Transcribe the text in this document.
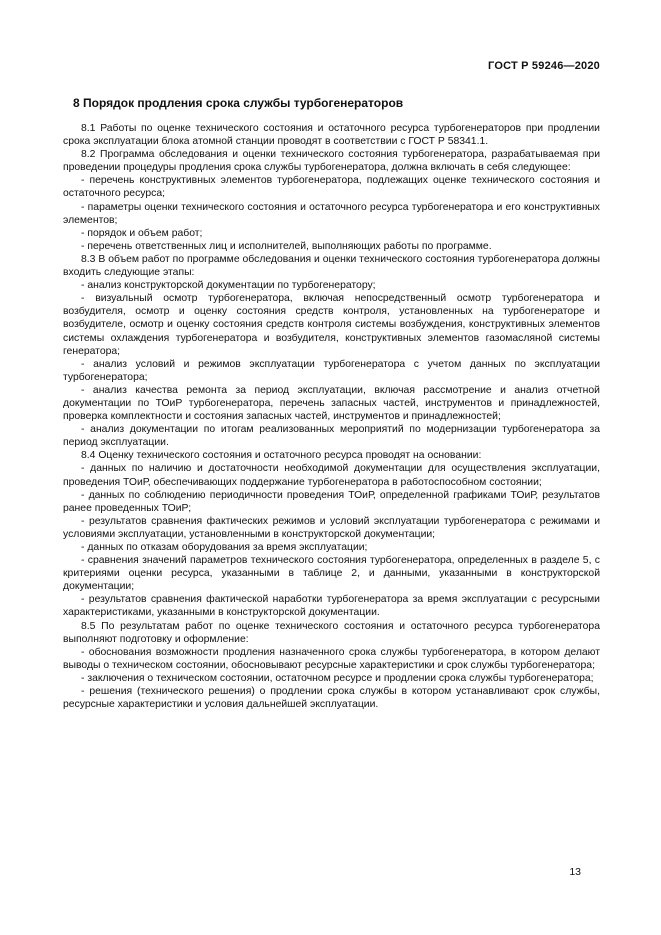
ГОСТ Р 59246—2020
8 Порядок продления срока службы турбогенераторов

8.1 Работы по оценке технического состояния и остаточного ресурса турбогенераторов при продлении срока эксплуатации блока атомной станции проводят в соответствии с ГОСТ Р 58341.1.

8.2 Программа обследования и оценки технического состояния турбогенератора, разрабатываемая при проведении процедуры продления срока службы турбогенератора, должна включать в себя следующее:

- перечень конструктивных элементов турбогенератора, подлежащих оценке технического состояния и остаточного ресурса;

- параметры оценки технического состояния и остаточного ресурса турбогенератора и его конструктивных элементов;

- порядок и объем работ;

- перечень ответственных лиц и исполнителей, выполняющих работы по программе.

8.3 В объем работ по программе обследования и оценки технического состояния турбогенератора должны входить следующие этапы:

- анализ конструкторской документации по турбогенератору;

- визуальный осмотр турбогенератора, включая непосредственный осмотр турбогенератора и возбудителя, осмотр и оценку состояния средств контроля, установленных на турбогенераторе и возбудителе, осмотр и оценку состояния средств контроля системы возбуждения, конструктивных элементов системы охлаждения турбогенератора и возбудителя, конструктивных элементов газомасляной системы генератора;

- анализ условий и режимов эксплуатации турбогенератора с учетом данных по эксплуатации турбогенератора;

- анализ качества ремонта за период эксплуатации, включая рассмотрение и анализ отчетной документации по ТОиР турбогенератора, перечень запасных частей, инструментов и принадлежностей, проверка комплектности и состояния запасных частей, инструментов и принадлежностей;

- анализ документации по итогам реализованных мероприятий по модернизации турбогенератора за период эксплуатации.

8.4 Оценку технического состояния и остаточного ресурса проводят на основании:

- данных по наличию и достаточности необходимой документации для осуществления эксплуатации, проведения ТОиР, обеспечивающих поддержание турбогенератора в работоспособном состоянии;

- данных по соблюдению периодичности проведения ТОиР, определенной графиками ТОиР, результатов ранее проведенных ТОиР;

- результатов сравнения фактических режимов и условий эксплуатации турбогенератора с режимами и условиями эксплуатации, установленными в конструкторской документации;

- данных по отказам оборудования за время эксплуатации;

- сравнения значений параметров технического состояния турбогенератора, определенных в разделе 5, с критериями оценки ресурса, указанными в таблице 2, и данными, указанными в конструкторской документации;

- результатов сравнения фактической наработки турбогенератора за время эксплуатации с ресурсными характеристиками, указанными в конструкторской документации.

8.5 По результатам работ по оценке технического состояния и остаточного ресурса турбогенератора выполняют подготовку и оформление:

- обоснования возможности продления назначенного срока службы турбогенератора, в котором делают выводы о техническом состоянии, обосновывают ресурсные характеристики и срок службы турбогенератора;

- заключения о техническом состоянии, остаточном ресурсе и продлении срока службы турбогенератора;

- решения (технического решения) о продлении срока службы в котором устанавливают срок службы, ресурсные характеристики и условия дальнейшей эксплуатации.

13
